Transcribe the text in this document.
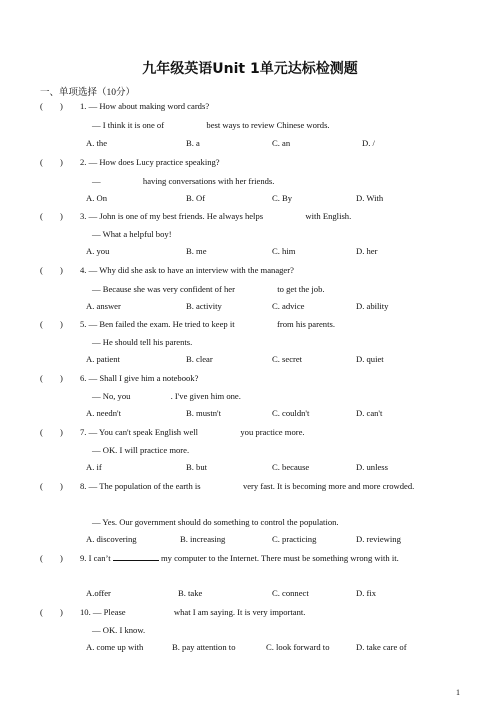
九年级英语Unit 1单元达标检测题
一、单项选择（10分）
(　　) 1. — How about making word cards?
— I think it is one of	best ways to review Chinese words.
A. the	B. a	C. an	D. /
(　　) 2. — How does Lucy practice speaking?
—	having conversations with her friends.
A. On	B. Of	C. By	D. With
(　　) 3. — John is one of my best friends. He always helps	with English.
— What a helpful boy!
A. you	B. me	C. him	D. her
(　　) 4. — Why did she ask to have an interview with the manager?
— Because she was very confident of her	to get the job.
A. answer	B. activity	C. advice	D. ability
(　　) 5. — Ben failed the exam. He tried to keep it	from his parents.
— He should tell his parents.
A. patient	B. clear	C. secret	D. quiet
(　　) 6. — Shall I give him a notebook?
— No, you	. I've given him one.
A. needn't	B. mustn't	C. couldn't	D. can't
(　　) 7. — You can't speak English well	you practice more.
— OK. I will practice more.
A. if	B. but	C. because	D. unless
(　　) 8. — The population of the earth is	very fast. It is becoming more and more crowded.
— Yes. Our government should do something to control the population.
A. discovering	B. increasing	C. practicing	D. reviewing
(　　) 9. I can’t	my computer to the Internet. There must be something wrong with it.
A.offer	B. take	C. connect	D. fix
(　　) 10. — Please	what I am saying. It is very important.
— OK. I know.
A. come up with	B. pay attention to	C. look forward to	D. take care of
1
